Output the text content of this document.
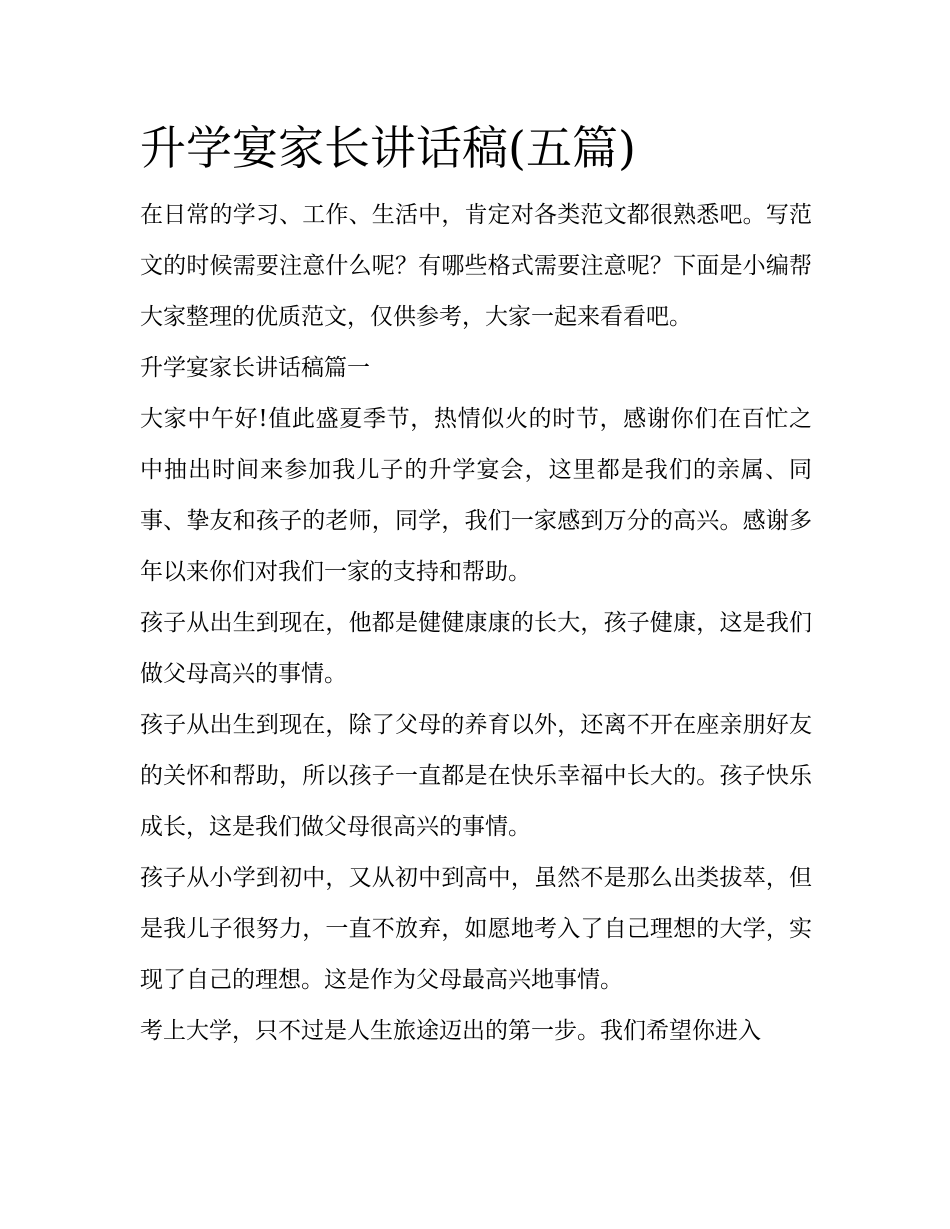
升学宴家长讲话稿(五篇)

在日常的学习、工作、生活中，肯定对各类范文都很熟悉吧。写范文的时候需要注意什么呢？有哪些格式需要注意呢？下面是小编帮大家整理的优质范文，仅供参考，大家一起来看看吧。

升学宴家长讲话稿篇一

大家中午好!值此盛夏季节，热情似火的时节，感谢你们在百忙之中抽出时间来参加我儿子的升学宴会，这里都是我们的亲属、同事、挚友和孩子的老师，同学，我们一家感到万分的高兴。感谢多年以来你们对我们一家的支持和帮助。

孩子从出生到现在，他都是健健康康的长大，孩子健康，这是我们做父母高兴的事情。

孩子从出生到现在，除了父母的养育以外，还离不开在座亲朋好友的关怀和帮助，所以孩子一直都是在快乐幸福中长大的。孩子快乐成长，这是我们做父母很高兴的事情。

孩子从小学到初中，又从初中到高中，虽然不是那么出类拔萃，但是我儿子很努力，一直不放弃，如愿地考入了自己理想的大学，实现了自己的理想。这是作为父母最高兴地事情。

考上大学，只不过是人生旅途迈出的第一步。我们希望你进入
